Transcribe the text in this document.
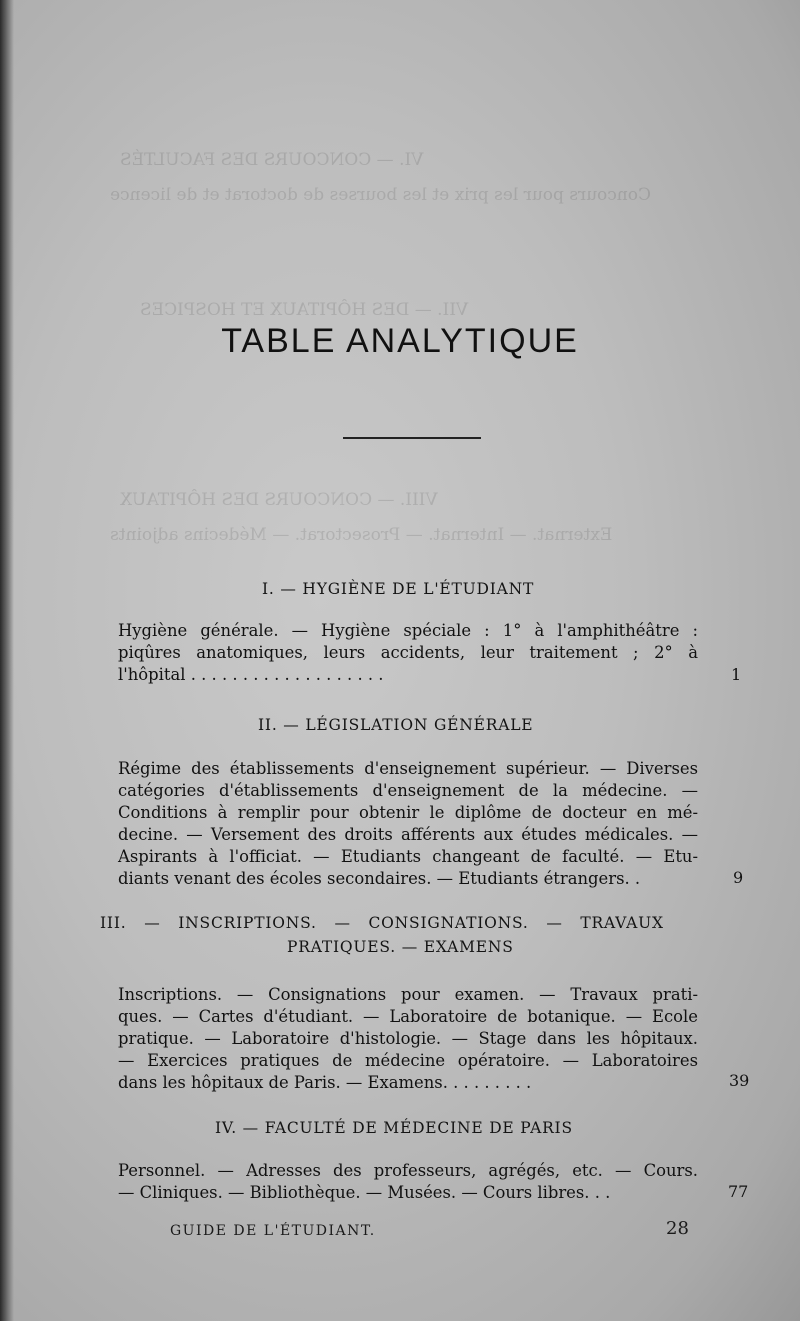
VI. — CONCOURS DES FACULTÉS
Concours pour les prix et les bourses de doctorat et de licence
VII. — DES HÔPITAUX ET HOSPICES
VIII. — CONCOURS DES HÔPITAUX
Externat. — Internat. — Prosectorat. — Médecins adjoints
TABLE ANALYTIQUE
I. — HYGIÈNE DE L'ÉTUDIANT
Hygiène générale. — Hygiène spéciale : 1° à l'amphithéâtre :
piqûres anatomiques, leurs accidents, leur traitement ; 2° à
l'hôpital . . . . . . . . . . . . . . . . . . .	1
II. — LÉGISLATION GÉNÉRALE
Régime des établissements d'enseignement supérieur. — Diverses
catégories d'établissements d'enseignement de la médecine. —
Conditions à remplir pour obtenir le diplôme de docteur en mé-
decine. — Versement des droits afférents aux études médicales. —
Aspirants à l'officiat. — Etudiants changeant de faculté. — Etu-
diants venant des écoles secondaires. — Etudiants étrangers. .	9
III. — INSCRIPTIONS. — CONSIGNATIONS. — TRAVAUX
PRATIQUES. — EXAMENS
Inscriptions. — Consignations pour examen. — Travaux prati-
ques. — Cartes d'étudiant. — Laboratoire de botanique. — Ecole
pratique. — Laboratoire d'histologie. — Stage dans les hôpitaux.
— Exercices pratiques de médecine opératoire. — Laboratoires
dans les hôpitaux de Paris. — Examens. . . . . . . . .	39
IV. — FACULTÉ DE MÉDECINE DE PARIS
Personnel. — Adresses des professeurs, agrégés, etc. — Cours.
— Cliniques. — Bibliothèque. — Musées. — Cours libres. . .	77
GUIDE DE L'ÉTUDIANT.	28
